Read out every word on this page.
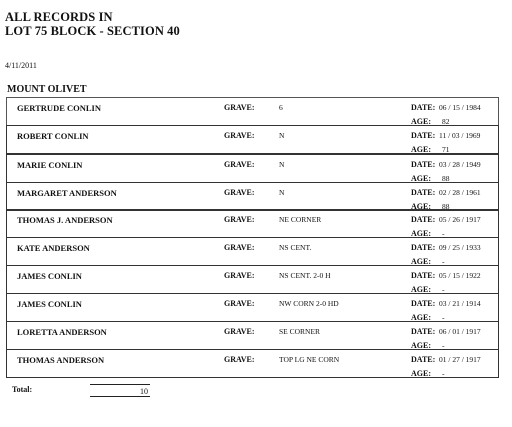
ALL RECORDS IN
LOT 75 BLOCK - SECTION 40
4/11/2011
MOUNT OLIVET
GERTRUDE CONLIN	GRAVE:	6	DATE: 06 / 15 / 1984
AGE: 82
ROBERT CONLIN	GRAVE:	N	DATE: 11 / 03 / 1969
AGE: 71
MARIE CONLIN	GRAVE:	N	DATE: 03 / 28 / 1949
AGE: 88
MARGARET ANDERSON	GRAVE:	N	DATE: 02 / 28 / 1961
AGE: 88
THOMAS J. ANDERSON	GRAVE:	NE CORNER	DATE: 05 / 26 / 1917
AGE: -
KATE ANDERSON	GRAVE:	NS CENT.	DATE: 09 / 25 / 1933
AGE: -
JAMES CONLIN	GRAVE:	NS CENT. 2-0 H	DATE: 05 / 15 / 1922
AGE: -
JAMES CONLIN	GRAVE:	NW CORN 2-0 HD	DATE: 03 / 21 / 1914
AGE: -
LORETTA ANDERSON	GRAVE:	SE CORNER	DATE: 06 / 01 / 1917
AGE: -
THOMAS ANDERSON	GRAVE:	TOP LG NE CORN	DATE: 01 / 27 / 1917
AGE: -
Total:	10
